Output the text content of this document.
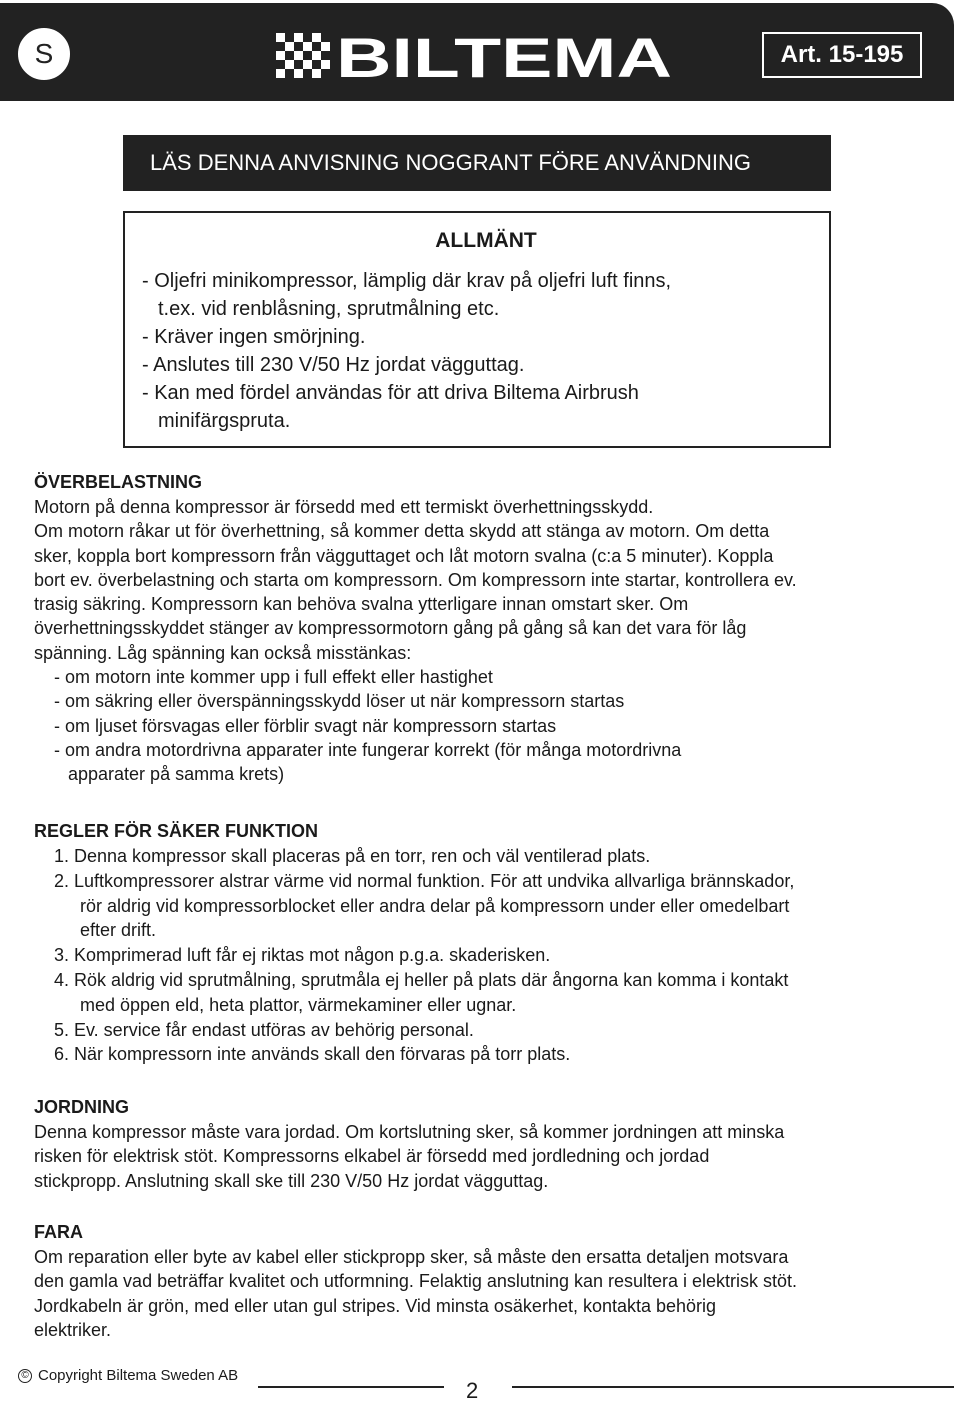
S	BILTEMA	Art. 15-195
LÄS DENNA ANVISNING NOGGRANT FÖRE ANVÄNDNING
ALLMÄNT
- Oljefri minikompressor, lämplig där krav på oljefri luft finns,
t.ex. vid renblåsning, sprutmålning etc.
- Kräver ingen smörjning.
- Anslutes till 230 V/50 Hz jordat vägguttag.
- Kan med fördel användas för att driva Biltema Airbrush
minifärgspruta.
ÖVERBELASTNING

Motorn på denna kompressor är försedd med ett termiskt överhettningsskydd.

Om motorn råkar ut för överhettning, så kommer detta skydd att stänga av motorn. Om detta

sker, koppla bort kompressorn från vägguttaget och låt motorn svalna (c:a 5 minuter). Koppla

bort ev. överbelastning och starta om kompressorn. Om kompressorn inte startar, kontrollera ev.

trasig säkring. Kompressorn kan behöva svalna ytterligare innan omstart sker. Om

överhettningsskyddet stänger av kompressormotorn gång på gång så kan det vara för låg

spänning. Låg spänning kan också misstänkas:

- om motorn inte kommer upp i full effekt eller hastighet
- om säkring eller överspänningsskydd löser ut när kompressorn startas
- om ljuset försvagas eller förblir svagt när kompressorn startas
- om andra motordrivna apparater inte fungerar korrekt (för många motordrivna
apparater på samma krets)
REGLER FÖR SÄKER FUNKTION
1. Denna kompressor skall placeras på en torr, ren och väl ventilerad plats.
2. Luftkompressorer alstrar värme vid normal funktion. För att undvika allvarliga brännskador,
rör aldrig vid kompressorblocket eller andra delar på kompressorn under eller omedelbart
efter drift.
3. Komprimerad luft får ej riktas mot någon p.g.a. skaderisken.
4. Rök aldrig vid sprutmålning, sprutmåla ej heller på plats där ångorna kan komma i kontakt
med öppen eld, heta plattor, värmekaminer eller ugnar.
5. Ev. service får endast utföras av behörig personal.
6. När kompressorn inte används skall den förvaras på torr plats.
JORDNING

Denna kompressor måste vara jordad. Om kortslutning sker, så kommer jordningen att minska

risken för elektrisk stöt. Kompressorns elkabel är försedd med jordledning och jordad

stickpropp. Anslutning skall ske till 230 V/50 Hz jordat vägguttag.

FARA

Om reparation eller byte av kabel eller stickpropp sker, så måste den ersatta detaljen motsvara

den gamla vad beträffar kvalitet och utformning. Felaktig anslutning kan resultera i elektrisk stöt.

Jordkabeln är grön, med eller utan gul stripes. Vid minsta osäkerhet, kontakta behörig

elektriker.

© Copyright Biltema Sweden AB
2
